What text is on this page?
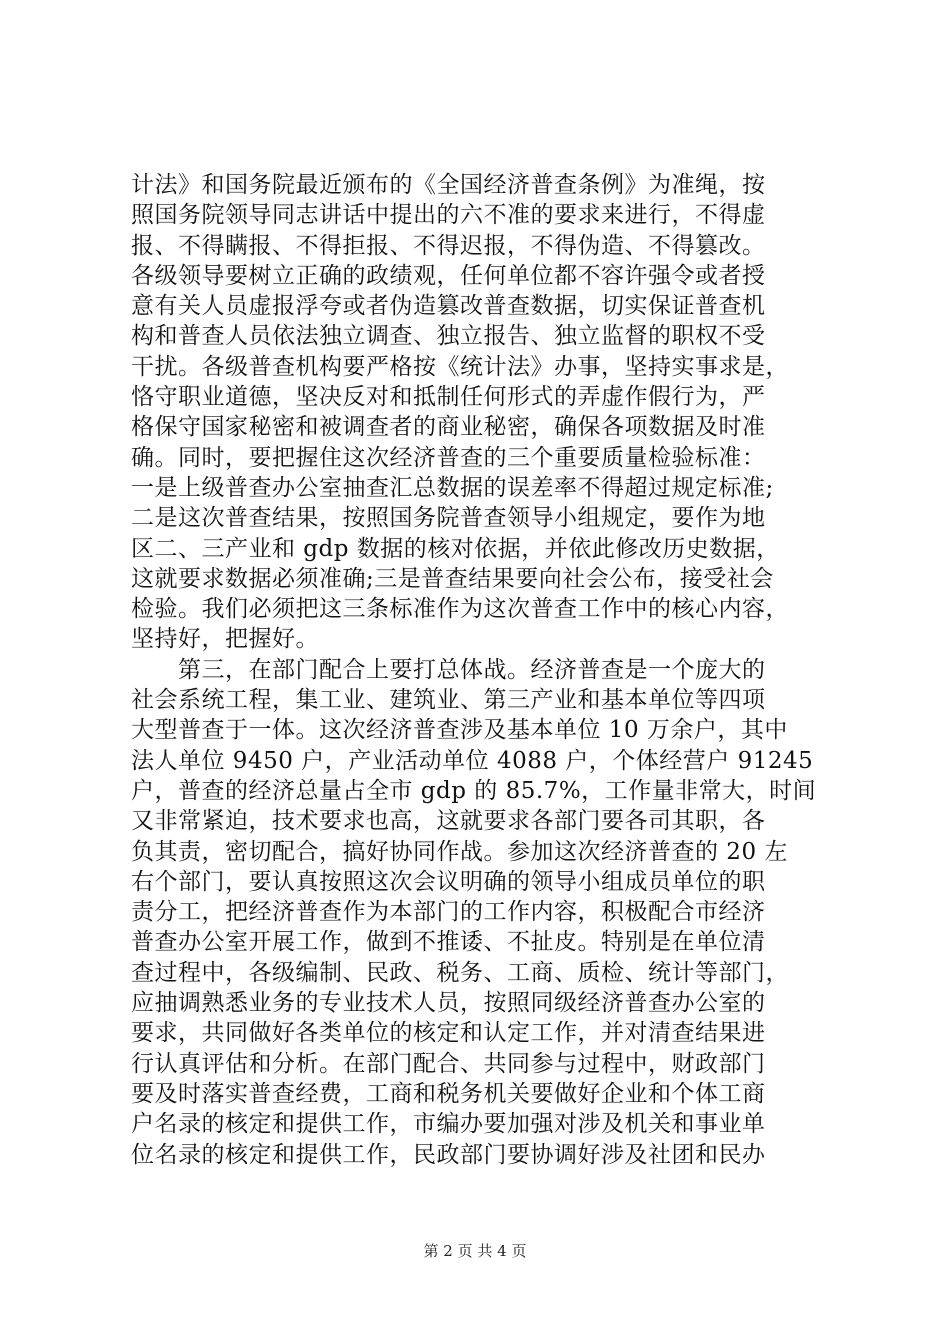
计法》和国务院最近颁布的《全国经济普查条例》为准绳，按
照国务院领导同志讲话中提出的六不准的要求来进行，不得虚
报、不得瞒报、不得拒报、不得迟报，不得伪造、不得篡改。
各级领导要树立正确的政绩观，任何单位都不容许强令或者授
意有关人员虚报浮夸或者伪造篡改普查数据，切实保证普查机
构和普查人员依法独立调查、独立报告、独立监督的职权不受
干扰。各级普查机构要严格按《统计法》办事，坚持实事求是，
恪守职业道德，坚决反对和抵制任何形式的弄虚作假行为，严
格保守国家秘密和被调查者的商业秘密，确保各项数据及时准
确。同时，要把握住这次经济普查的三个重要质量检验标准：
一是上级普查办公室抽查汇总数据的误差率不得超过规定标准;
二是这次普查结果，按照国务院普查领导小组规定，要作为地
区二、三产业和 gdp 数据的核对依据，并依此修改历史数据，
这就要求数据必须准确;三是普查结果要向社会公布，接受社会
检验。我们必须把这三条标准作为这次普查工作中的核心内容，
坚持好，把握好。
　　第三，在部门配合上要打总体战。经济普查是一个庞大的
社会系统工程，集工业、建筑业、第三产业和基本单位等四项
大型普查于一体。这次经济普查涉及基本单位 10 万余户，其中
法人单位 9450 户，产业活动单位 4088 户，个体经营户 91245
户，普查的经济总量占全市 gdp 的 85.7%，工作量非常大，时间
又非常紧迫，技术要求也高，这就要求各部门要各司其职，各
负其责，密切配合，搞好协同作战。参加这次经济普查的 20 左
右个部门，要认真按照这次会议明确的领导小组成员单位的职
责分工，把经济普查作为本部门的工作内容，积极配合市经济
普查办公室开展工作，做到不推诿、不扯皮。特别是在单位清
查过程中，各级编制、民政、税务、工商、质检、统计等部门，
应抽调熟悉业务的专业技术人员，按照同级经济普查办公室的
要求，共同做好各类单位的核定和认定工作，并对清查结果进
行认真评估和分析。在部门配合、共同参与过程中，财政部门
要及时落实普查经费，工商和税务机关要做好企业和个体工商
户名录的核定和提供工作，市编办要加强对涉及机关和事业单
位名录的核定和提供工作，民政部门要协调好涉及社团和民办
第 2 页 共 4 页
